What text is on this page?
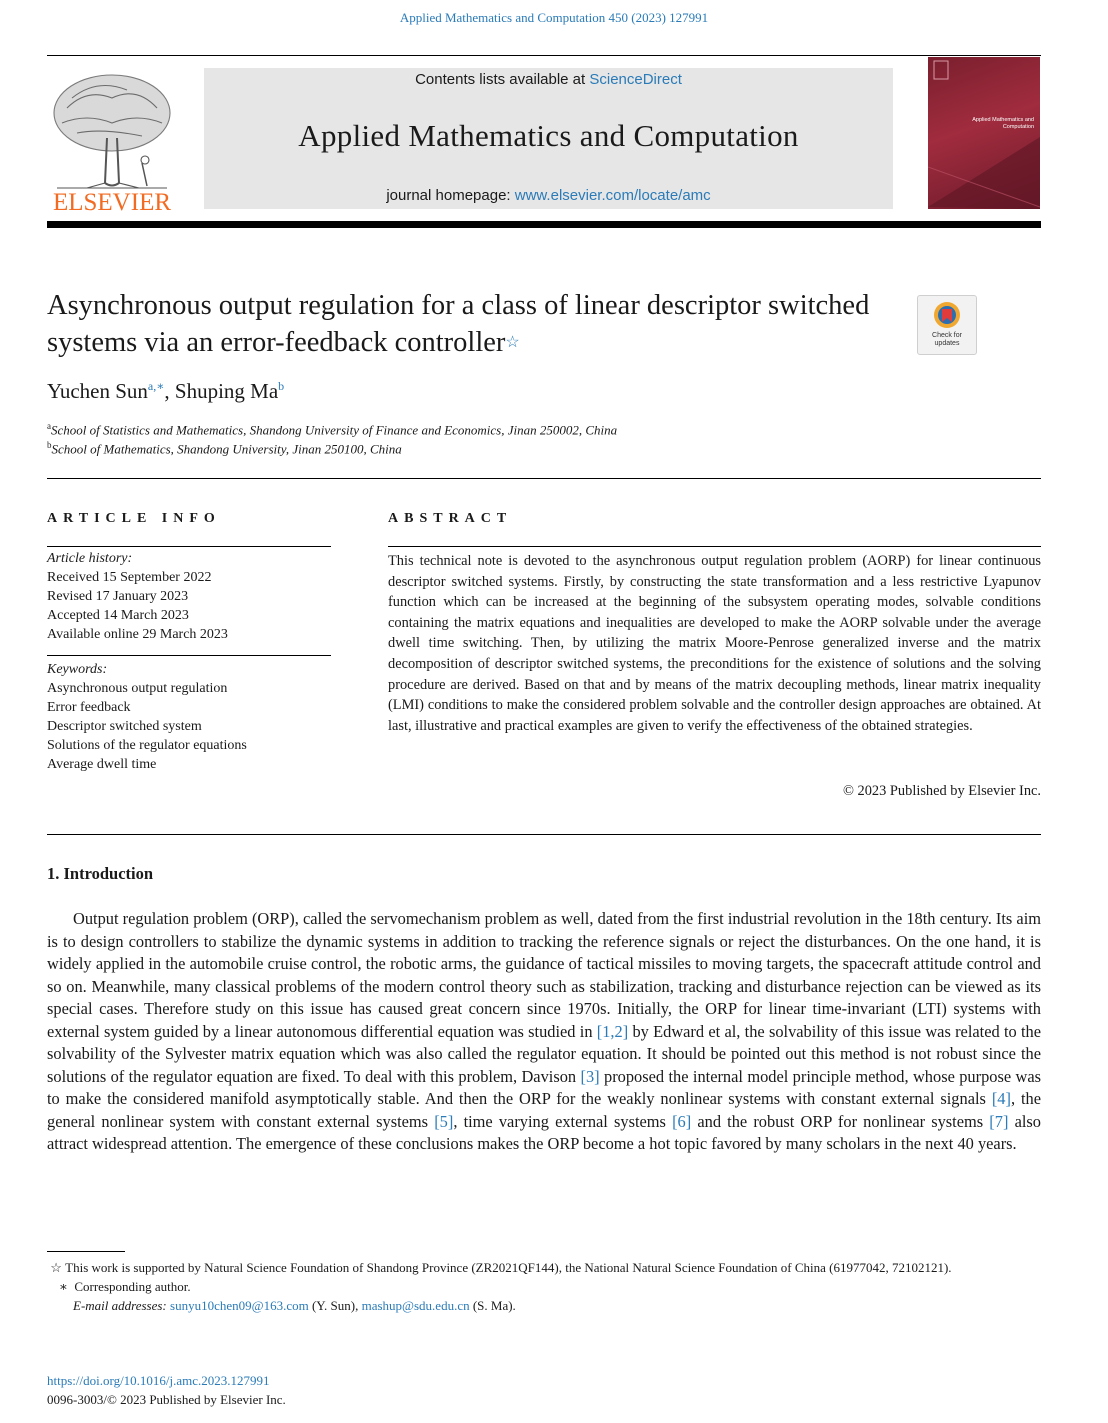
Applied Mathematics and Computation 450 (2023) 127991
ELSEVIER
Contents lists available at ScienceDirect
Applied Mathematics and Computation
journal homepage: www.elsevier.com/locate/amc
Applied Mathematics and Computation
Asynchronous output regulation for a class of linear descriptor switched systems via an error-feedback controller☆	Check for
updates
Yuchen Sun$^{a,∗}$, Shuping Ma$^b$
$^a$School of Statistics and Mathematics, Shandong University of Finance and Economics, Jinan 250002, China
$^b$School of Mathematics, Shandong University, Jinan 250100, China
ARTICLE INFO
Article history:
Received 15 September 2022
Revised 17 January 2023
Accepted 14 March 2023
Available online 29 March 2023
Keywords:
Asynchronous output regulation
Error feedback
Descriptor switched system
Solutions of the regulator equations
Average dwell time
ABSTRACT
This technical note is devoted to the asynchronous output regulation problem (AORP) for linear continuous descriptor switched systems. Firstly, by constructing the state transformation and a less restrictive Lyapunov function which can be increased at the beginning of the subsystem operating modes, solvable conditions containing the matrix equations and inequalities are developed to make the AORP solvable under the average dwell time switching. Then, by utilizing the matrix Moore-Penrose generalized inverse and the matrix decomposition of descriptor switched systems, the preconditions for the existence of solutions and the solving procedure are derived. Based on that and by means of the matrix decoupling methods, linear matrix inequality (LMI) conditions to make the considered problem solvable and the controller design approaches are obtained. At last, illustrative and practical examples are given to verify the effectiveness of the obtained strategies.
© 2023 Published by Elsevier Inc.
1. Introduction
Output regulation problem (ORP), called the servomechanism problem as well, dated from the first industrial revolution in the 18th century. Its aim is to design controllers to stabilize the dynamic systems in addition to tracking the reference signals or reject the disturbances. On the one hand, it is widely applied in the automobile cruise control, the robotic arms, the guidance of tactical missiles to moving targets, the spacecraft attitude control and so on. Meanwhile, many classical problems of the modern control theory such as stabilization, tracking and disturbance rejection can be viewed as its special cases. Therefore study on this issue has caused great concern since 1970s. Initially, the ORP for linear time-invariant (LTI) systems with external system guided by a linear autonomous differential equation was studied in [1,2] by Edward et al, the solvability of this issue was related to the solvability of the Sylvester matrix equation which was also called the regulator equation. It should be pointed out this method is not robust since the solutions of the regulator equation are fixed. To deal with this problem, Davison [3] proposed the internal model principle method, whose purpose was to make the considered manifold asymptotically stable. And then the ORP for the weakly nonlinear systems with constant external signals [4], the general nonlinear system with constant external systems [5], time varying external systems [6] and the robust ORP for nonlinear systems [7] also attract widespread attention. The emergence of these conclusions makes the ORP become a hot topic favored by many scholars in the next 40 years.
☆ This work is supported by Natural Science Foundation of Shandong Province (ZR2021QF144), the National Natural Science Foundation of China (61977042, 72102121).
∗ Corresponding author.
E-mail addresses: sunyu10chen09@163.com (Y. Sun), mashup@sdu.edu.cn (S. Ma).
https://doi.org/10.1016/j.amc.2023.127991
0096-3003/© 2023 Published by Elsevier Inc.
